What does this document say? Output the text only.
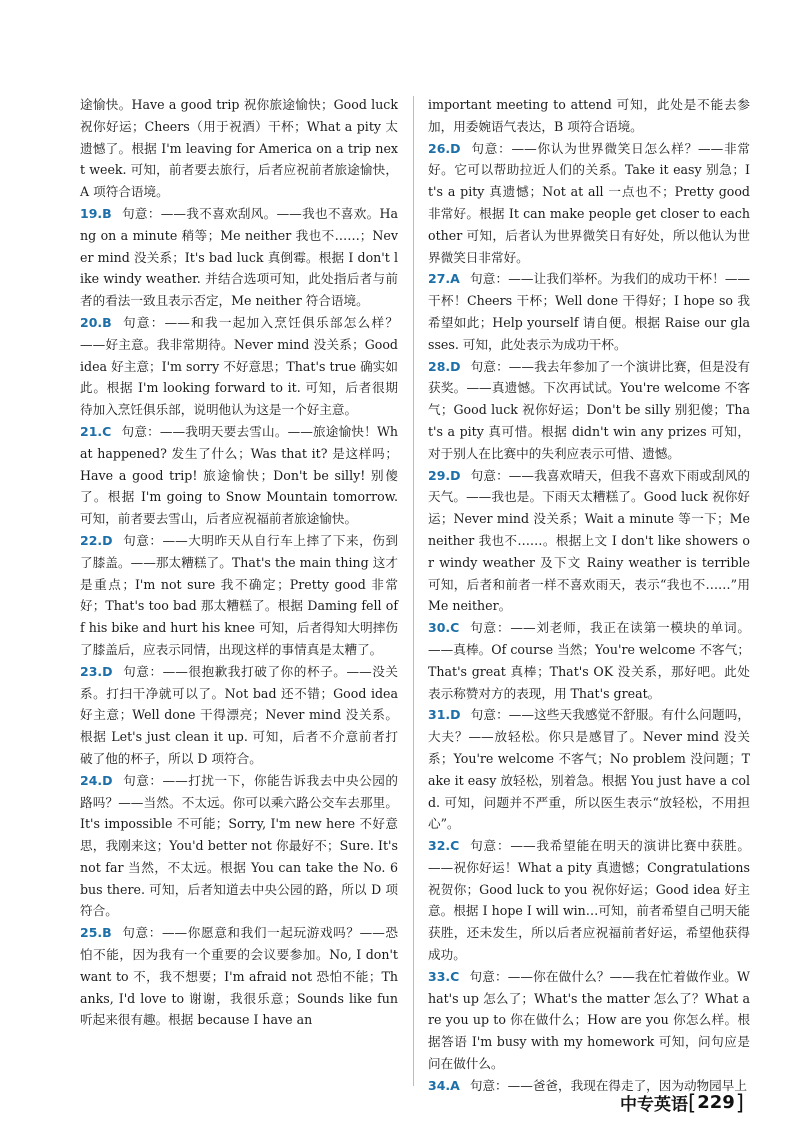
途愉快。Have a good trip 祝你旅途愉快；Good luck 祝你好运；Cheers（用于祝酒）干杯；What a pity 太遗憾了。根据 I'm leaving for America on a trip next week. 可知，前者要去旅行，后者应祝前者旅途愉快，A 项符合语境。

19.B 句意：——我不喜欢刮风。——我也不喜欢。Hang on a minute 稍等；Me neither 我也不……；Never mind 没关系；It's bad luck 真倒霉。根据 I don't like windy weather. 并结合选项可知，此处指后者与前者的看法一致且表示否定，Me neither 符合语境。

20.B 句意：——和我一起加入烹饪俱乐部怎么样？——好主意。我非常期待。Never mind 没关系；Good idea 好主意；I'm sorry 不好意思；That's true 确实如此。根据 I'm looking forward to it. 可知，后者很期待加入烹饪俱乐部，说明他认为这是一个好主意。

21.C 句意：——我明天要去雪山。——旅途愉快！What happened? 发生了什么；Was that it? 是这样吗；Have a good trip! 旅途愉快；Don't be silly! 别傻了。根据 I'm going to Snow Mountain tomorrow. 可知，前者要去雪山，后者应祝福前者旅途愉快。

22.D 句意：——大明昨天从自行车上摔了下来，伤到了膝盖。——那太糟糕了。That's the main thing 这才是重点；I'm not sure 我不确定；Pretty good 非常好；That's too bad 那太糟糕了。根据 Daming fell off his bike and hurt his knee 可知，后者得知大明摔伤了膝盖后，应表示同情，出现这样的事情真是太糟了。

23.D 句意：——很抱歉我打破了你的杯子。——没关系。打扫干净就可以了。Not bad 还不错；Good idea 好主意；Well done 干得漂亮；Never mind 没关系。根据 Let's just clean it up. 可知，后者不介意前者打破了他的杯子，所以 D 项符合。

24.D 句意：——打扰一下，你能告诉我去中央公园的路吗？——当然。不太远。你可以乘六路公交车去那里。It's impossible 不可能；Sorry, I'm new here 不好意思，我刚来这；You'd better not 你最好不；Sure. It's not far 当然，不太远。根据 You can take the No. 6 bus there. 可知，后者知道去中央公园的路，所以 D 项符合。

25.B 句意：——你愿意和我们一起玩游戏吗？——恐怕不能，因为我有一个重要的会议要参加。No, I don't want to 不，我不想要；I'm afraid not 恐怕不能；Thanks, I'd love to 谢谢，我很乐意；Sounds like fun 听起来很有趣。根据 because I have an

important meeting to attend 可知，此处是不能去参加，用委婉语气表达，B 项符合语境。

26.D 句意：——你认为世界微笑日怎么样？——非常好。它可以帮助拉近人们的关系。Take it easy 别急；It's a pity 真遗憾；Not at all 一点也不；Pretty good 非常好。根据 It can make people get closer to each other 可知，后者认为世界微笑日有好处，所以他认为世界微笑日非常好。

27.A 句意：——让我们举杯。为我们的成功干杯！——干杯！Cheers 干杯；Well done 干得好；I hope so 我希望如此；Help yourself 请自便。根据 Raise our glasses. 可知，此处表示为成功干杯。

28.D 句意：——我去年参加了一个演讲比赛，但是没有获奖。——真遗憾。下次再试试。You're welcome 不客气；Good luck 祝你好运；Don't be silly 别犯傻；That's a pity 真可惜。根据 didn't win any prizes 可知，对于别人在比赛中的失利应表示可惜、遗憾。

29.D 句意：——我喜欢晴天，但我不喜欢下雨或刮风的天气。——我也是。下雨天太糟糕了。Good luck 祝你好运；Never mind 没关系；Wait a minute 等一下；Me neither 我也不……。根据上文 I don't like showers or windy weather 及下文 Rainy weather is terrible 可知，后者和前者一样不喜欢雨天，表示“我也不……”用 Me neither。

30.C 句意：——刘老师，我正在读第一模块的单词。——真棒。Of course 当然；You're welcome 不客气；That's great 真棒；That's OK 没关系，那好吧。此处表示称赞对方的表现，用 That's great。

31.D 句意：——这些天我感觉不舒服。有什么问题吗，大夫？——放轻松。你只是感冒了。Never mind 没关系；You're welcome 不客气；No problem 没问题；Take it easy 放轻松，别着急。根据 You just have a cold. 可知，问题并不严重，所以医生表示“放轻松，不用担心”。

32.C 句意：——我希望能在明天的演讲比赛中获胜。——祝你好运！What a pity 真遗憾；Congratulations 祝贺你；Good luck to you 祝你好运；Good idea 好主意。根据 I hope I will win…可知，前者希望自己明天能获胜，还未发生，所以后者应祝福前者好运，希望他获得成功。

33.C 句意：——你在做什么？——我在忙着做作业。What's up 怎么了；What's the matter 怎么了？What are you up to 你在做什么；How are you 你怎么样。根据答语 I'm busy with my homework 可知，问句应是问在做什么。

34.A 句意：——爸爸，我现在得走了，因为动物园早上

中专英语 [ 229 ]
